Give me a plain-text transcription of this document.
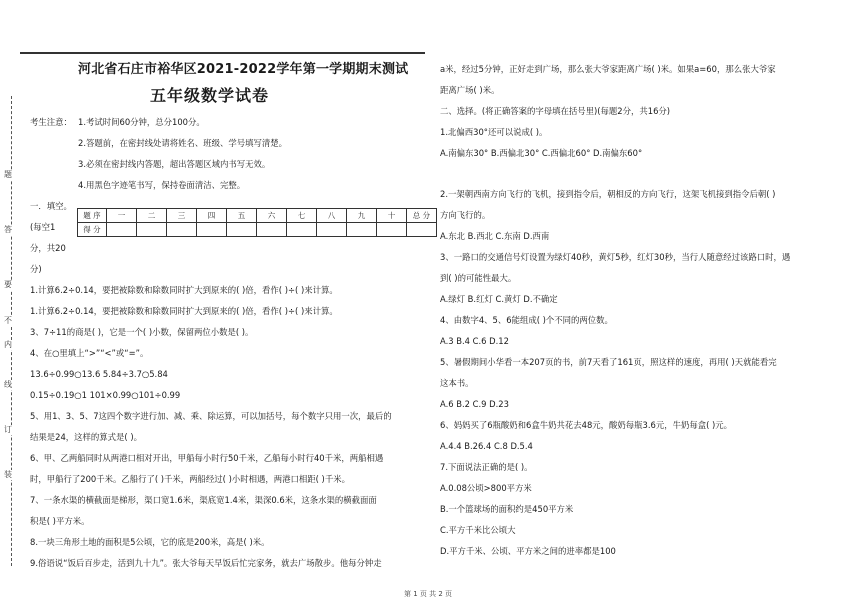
题
答
要
不
内
线
订
装
河北省石庄市裕华区2021-2022学年第一学期期末测试
五年级数学试卷
考生注意： 1.考试时间60分钟，总分100分。
2.答题前，在密封线处请将姓名、班级、学号填写清楚。
3.必须在密封线内答题，超出答题区域内书写无效。
4.用黑色字迹笔书写，保持卷面清洁、完整。
一．填空。
(每空1
分，共20
分)
题 序	一	二	三	四	五	六	七	八	九	十	总 分
得 分											
1.计算6.2÷0.14，要把被除数和除数同时扩大到原来的( )倍，看作( )÷( )来计算。
1.计算6.2÷0.14，要把被除数和除数同时扩大到原来的( )倍，看作( )÷( )来计算。
3、7÷11的商是( )，它是一个( )小数，保留两位小数是( )。
4、在○里填上“>”“<”或“=”。
13.6÷0.99○13.6 5.84÷3.7○5.84
0.15÷0.19○1 101×0.99○101÷0.99
5、用1、3、5、7这四个数字进行加、减、乘、除运算，可以加括号，每个数字只用一次，最后的
结果是24，这样的算式是( )。
6、甲、乙两船同时从两港口相对开出，甲船每小时行50千米，乙船每小时行40千米，两船相遇
时，甲船行了200千米。乙船行了( )千米，两船经过( )小时相遇，两港口相距( )千米。
7、一条水渠的横截面是梯形，渠口宽1.6米，渠底宽1.4米，渠深0.6米，这条水渠的横截面面
积是( )平方米。
8.一块三角形土地的面积是5公顷，它的底是200米，高是( )米。
9.俗语说“饭后百步走，活到九十九”。张大爷每天早饭后忙完家务，就去广场散步。他每分钟走
a米，经过5分钟，正好走到广场，那么张大爷家距离广场( )米。如果a=60，那么张大爷家
距离广场( )米。
二、选择。(将正确答案的字母填在括号里)(每题2分，共16分)
1.北偏西30°还可以说成( )。
A.南偏东30° B.西偏北30° C.西偏北60° D.南偏东60°
2.一架朝西南方向飞行的飞机，接到指令后，朝相反的方向飞行，这架飞机接到指令后朝( )
方向飞行的。
A.东北 B.西北 C.东南 D.西南
3、一路口的交通信号灯设置为绿灯40秒，黄灯5秒，红灯30秒，当行人随意经过该路口时，遇
到( )的可能性最大。
A.绿灯 B.红灯 C.黄灯 D.不确定
4、由数字4、5、6能组成( )个不同的两位数。
A.3 B.4 C.6 D.12
5、暑假期间小华看一本207页的书，前7天看了161页，照这样的速度，再用( )天就能看完
这本书。
A.6 B.2 C.9 D.23
6、妈妈买了6瓶酸奶和6盒牛奶共花去48元，酸奶每瓶3.6元，牛奶每盒( )元。
A.4.4 B.26.4 C.8 D.5.4
7.下面说法正确的是( )。
A.0.08公顷>800平方米
B.一个篮球场的面积约是450平方米
C.平方千米比公顷大
D.平方千米、公顷、平方米之间的进率都是100
第 1 页 共 2 页
